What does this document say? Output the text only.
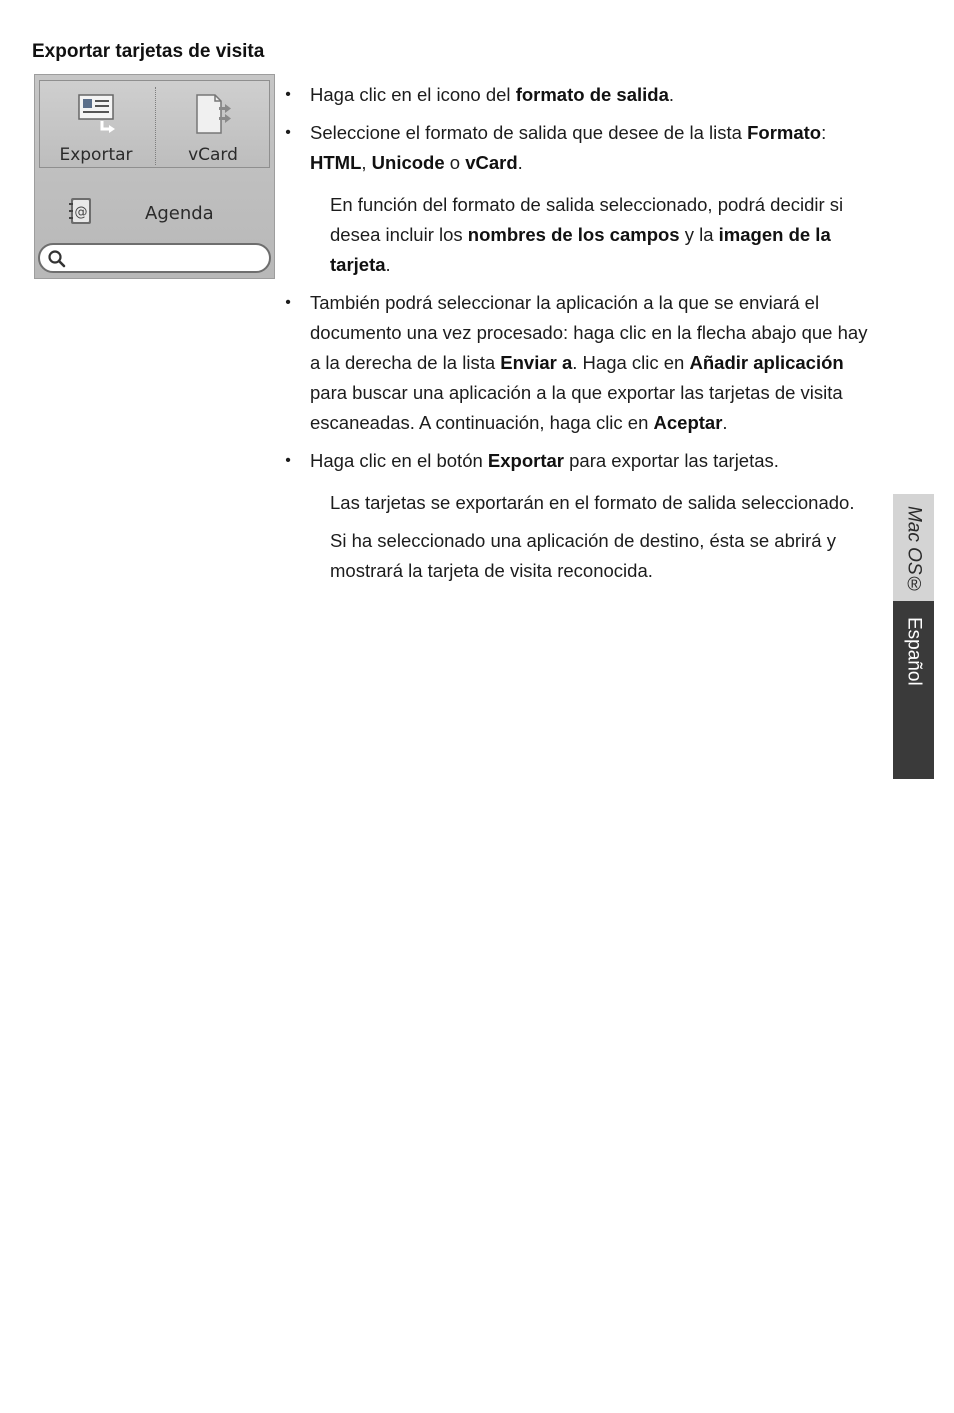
Exportar tarjetas de visita
Exportar	vCard
@	Agenda

• Haga clic en el icono del formato de salida.

• Seleccione el formato de salida que desee de la lista Formato: HTML, Unicode o vCard.

En función del formato de salida seleccionado, podrá decidir si desea incluir los nombres de los campos y la imagen de la tarjeta.

• También podrá seleccionar la aplicación a la que se enviará el documento una vez procesado: haga clic en la flecha abajo que hay a la derecha de la lista Enviar a. Haga clic en Añadir aplicación para buscar una aplicación a la que exportar las tarjetas de visita escaneadas. A continuación, haga clic en Aceptar.

• Haga clic en el botón Exportar para exportar las tarjetas.

Las tarjetas se exportarán en el formato de salida seleccionado.

Si ha seleccionado una aplicación de destino, ésta se abrirá y mostrará la tarjeta de visita reconocida.	Mac OS®
Español
